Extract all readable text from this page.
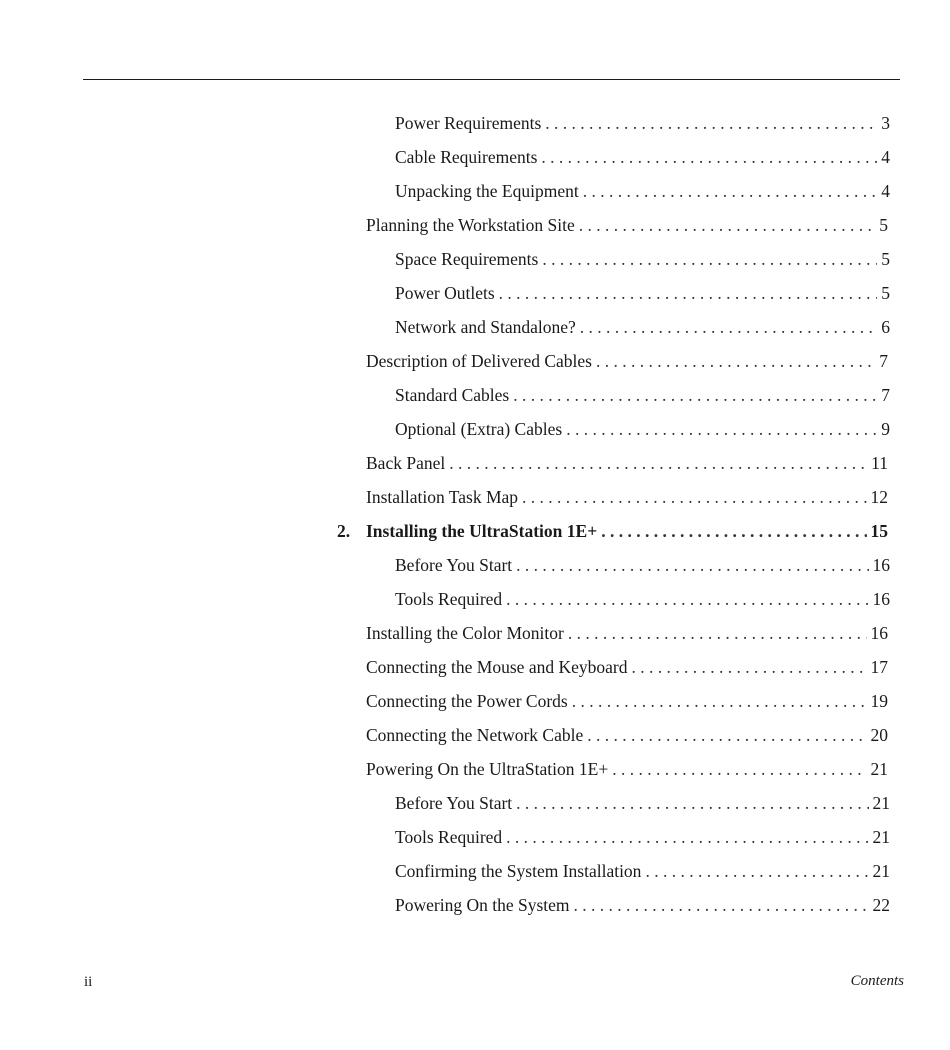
Power Requirements . . .	3
Cable Requirements . . .	4
Unpacking the Equipment . . .	4
Planning the Workstation Site . . .	5
Space Requirements . . .	5
Power Outlets . . .	5
Network and Standalone? . . .	6
Description of Delivered Cables . . .	7
Standard Cables . . .	7
Optional (Extra) Cables . . .	9
Back Panel . . .	11
Installation Task Map . . .	12
2. Installing the UltraStation 1E+ . . .	15
Before You Start . . .	16
Tools Required . . .	16
Installing the Color Monitor . . .	16
Connecting the Mouse and Keyboard . . .	17
Connecting the Power Cords . . .	19
Connecting the Network Cable . . .	20
Powering On the UltraStation 1E+ . . .	21
Before You Start . . .	21
Tools Required . . .	21
Confirming the System Installation . . .	21
Powering On the System . . .	22
ii	Contents
